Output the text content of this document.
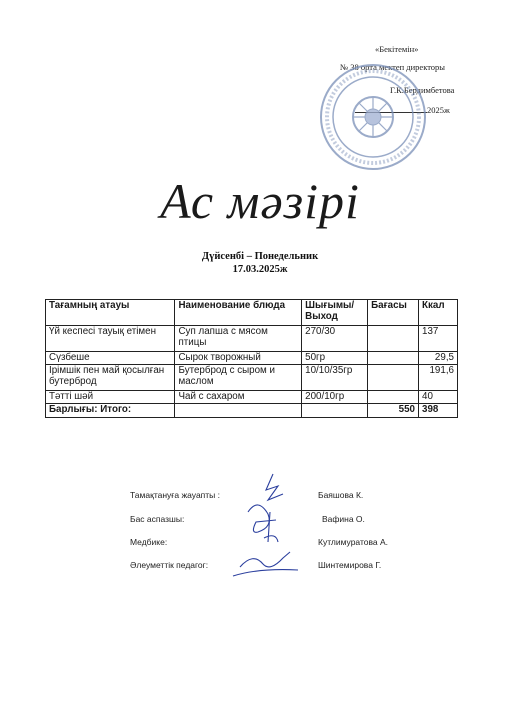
«Бекітемін»
№ 38 орта мектеп директоры
Г.К.Бердимбетова
2025ж
Ас мәзірі
Дүйсенбі – Понедельник
17.03.2025ж
Тағамның атауы	Наименование блюда	Шығымы/ Выход	Бағасы	Ккал
Үй кеспесі тауық етімен	Суп лапша с мясом птицы	270/30		137
Сүзбеше	Сырок творожный	50гр		29,5
Ірімшік пен май қосылған бутерброд	Бутерброд с сыром и маслом	10/10/35гр		191,6
Тәтті шәй	Чай с сахаром	200/10гр		40
Барлығы: Итого:			550	398
Тамақтануға жауапты :	Баяшова К.
Бас аспазшы:	Вафина О.
Медбике:	Кутлимуратова А.
Әлеуметтік педагог:	Шинтемирова Г.
